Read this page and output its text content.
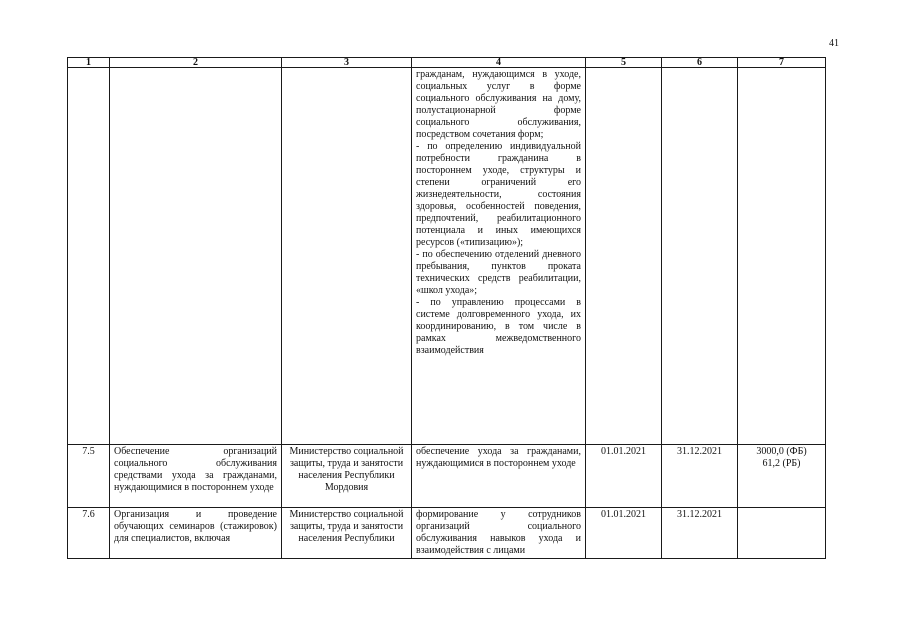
41
1	2	3	4	5	6	7
			гражданам, нуждающимся в уходе, социальных услуг в форме социального обслуживания на дому, полустационарной форме социального обслуживания, посредством сочетания форм;
- по определению индивидуальной потребности гражданина в постороннем уходе, структуры и степени ограничений его жизнедеятельности, состояния здоровья, особенностей поведения, предпочтений, реабилитационного потенциала и иных имеющихся ресурсов («типизацию»);
- по обеспечению отделений дневного пребывания, пунктов проката технических средств реабилитации, «школ ухода»;
- по управлению процессами в системе долговременного ухода, их координированию, в том числе в рамках межведомственного взаимодействия			
7.5	Обеспечение организаций социального обслуживания средствами ухода за гражданами, нуждающимися в постороннем уходе	Министерство социальной защиты, труда и занятости населения Республики Мордовия	обеспечение ухода за гражданами, нуждающимися в постороннем уходе	01.01.2021	31.12.2021	3000,0 (ФБ)
61,2 (РБ)

7.6	Организация и проведение обучающих семинаров (стажировок) для специалистов, включая	Министерство социальной защиты, труда и занятости населения Республики	формирование у сотрудников организаций социального обслуживания навыков ухода и взаимодействия с лицами	01.01.2021	31.12.2021	
